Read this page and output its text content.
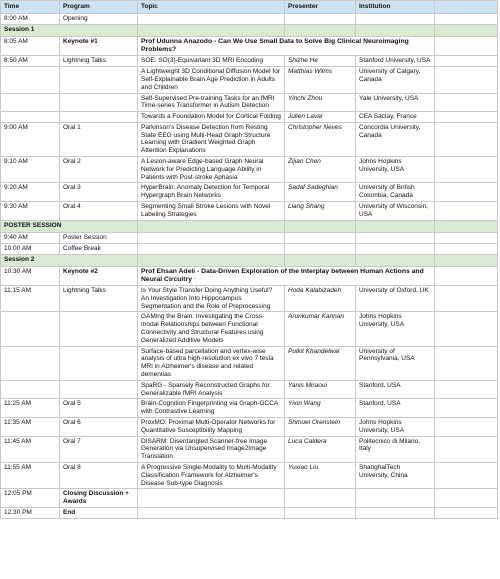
Time	Program	Topic	Presenter	Institution	
8:00 AM	Opening				
Session 1					
8:05 AM	Keynote #1	Prof Udunna Anazodo - Can We Use Small Data to Solve Big Clinical Neuroimaging Problems?			
8:50 AM	Lightning Talks	SOE: SO(3)-Equivariant 3D MRI Encoding	Shizhe He	Stanford University, USA	
		A Lightweight 3D Conditional Diffusion Model for Self-Explainable Brain Age Prediction in Adults and Children	Matthias Wilms	University of Calgary, Canada	
		Self-Supervised Pre-training Tasks for an fMRI Time-series Transformer in Autism Detection	Yinchi Zhou	Yale University, USA	
		Towards a Foundation Model for Cortical Folding	Julien Laval	CEA Saclay, France	
9:00 AM	Oral 1	Parkinson's Disease Detection from Resting State EEG using Multi-Head Graph Structure Learning with Gradient Weighted Graph Attention Explanations	Christopher Neves	Concordia University, Canada	
9:10 AM	Oral 2	A Lesion-aware Edge-based Graph Neural Network for Predicting Language Ability in Patients with Post-stroke Aphasia	Zijian Chen	Johns Hopkins University, USA	
9:20 AM	Oral 3	HyperBrain: Anomaly Detection for Temporal Hypergraph Brain Networks	Sadaf Sadeghian	University of British Columbia, Canada	
9:30 AM	Oral 4	Segmenting Small Stroke Lesions with Novel Labeling Strategies	Liang Shang	University of Wisconsin, USA	
POSTER SESSION					
9:40 AM	Poster Session				
10:00 AM	Coffee Break				
Session 2					
10:30 AM	Keynote #2	Prof Ehsan Adeli - Data-Driven Exploration of the Interplay between Human Actions and Neural Circuitry			
11:15 AM	Lightning Talks	Is Your Style Transfer Doing Anything Useful? An Investigation Into Hippocampus Segmentation and the Role of Preprocessing	Hoda Kalabizadeh	University of Oxford, UK	
		GAMing the Brain: Investigating the Cross-modal Relationships between Functional Connectivity and Structural Features using Generalized Additive Models	Arunkumar Kannan	Johns Hopkins University, USA	
		Surface-based parcellation and vertex-wise analysis of ultra high-resolution ex vivo 7 tesla MRI in Alzheimer's disease and related dementias	Pulkit Khandelwal	University of Pennsylvania, USA	
		SpaRG - Sparsely Reconstructed Graphs for Generalizable fMRI Analysis	Yanis Miraoui	Stanford, USA	
11:25 AM	Oral 5	Brain-Cognition Fingerprinting via Graph-GCCA with Contrastive Learning	Yixin Wang	Stanford, USA	
11:35 AM	Oral 6	ProxMO: Proximal Multi-Operator Networks for Quantitative Susceptibility Mapping	Shmuel Orenstein	Johns Hopkins University, USA	
11:45 AM	Oral 7	DISARM: Disentangled Scanner-free Image Generation via Unsupervised Image2Image Translation	Luca Caldera	Politecnico di Milano, Italy	
11:55 AM	Oral 8	A Progressive Single-Modality to Multi-Modality Classification Framework for Alzheimer's Disease Sub-type Diagnosis	Yuxiao Liu	ShanghaiTech University, China	
12:05 PM	Closing Discussion + Awards				
12:30 PM	End				
